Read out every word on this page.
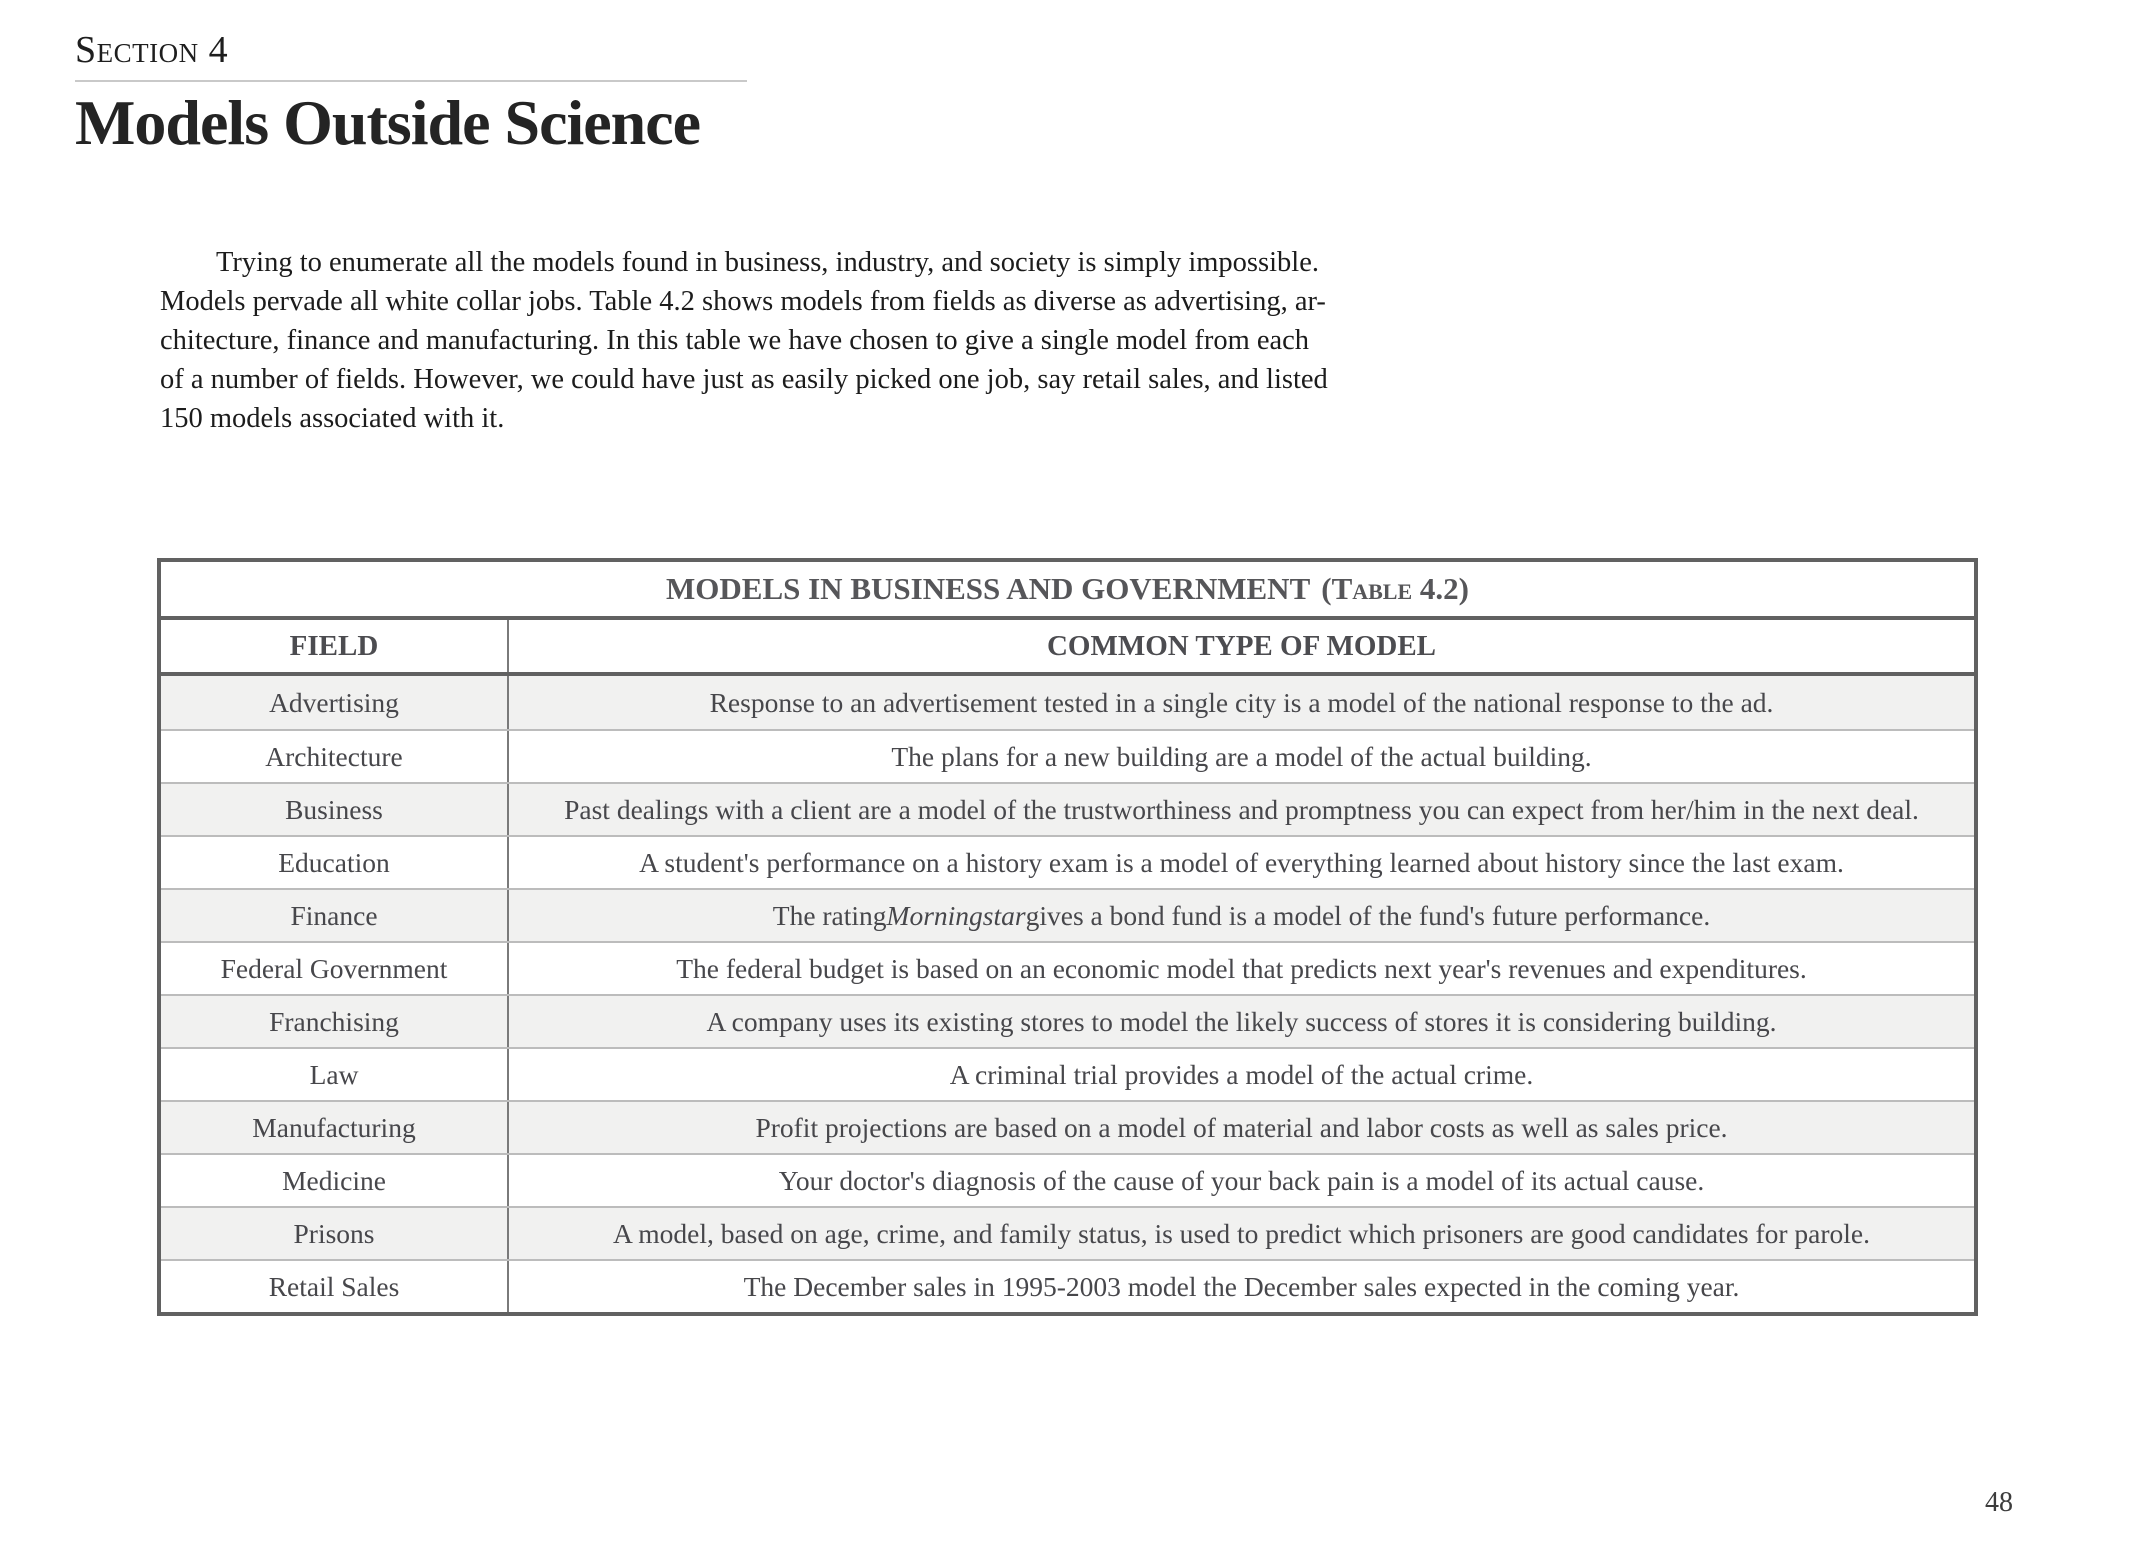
Section 4
Models Outside Science
Trying to enumerate all the models found in business, industry, and society is simply impossible.
Models pervade all white collar jobs. Table 4.2 shows models from fields as diverse as advertising, ar-
chitecture, finance and manufacturing. In this table we have chosen to give a single model from each
of a number of fields. However, we could have just as easily picked one job, say retail sales, and listed
150 models associated with it.
MODELS IN BUSINESS AND GOVERNMENT (Table 4.2)
FIELD	COMMON TYPE OF MODEL
Advertising	Response to an advertisement tested in a single city is a model of the national response to the ad.
Architecture	The plans for a new building are a model of the actual building.
Business	Past dealings with a client are a model of the trustworthiness and promptness you can expect from her/him in the next deal.
Education	A student's performance on a history exam is a model of everything learned about history since the last exam.
Finance	The rating Morningstar gives a bond fund is a model of the fund's future performance.
Federal Government	The federal budget is based on an economic model that predicts next year's revenues and expenditures.
Franchising	A company uses its existing stores to model the likely success of stores it is considering building.
Law	A criminal trial provides a model of the actual crime.
Manufacturing	Profit projections are based on a model of material and labor costs as well as sales price.
Medicine	Your doctor's diagnosis of the cause of your back pain is a model of its actual cause.
Prisons	A model, based on age, crime, and family status, is used to predict which prisoners are good candidates for parole.
Retail Sales	The December sales in 1995-2003 model the December sales expected in the coming year.
48
